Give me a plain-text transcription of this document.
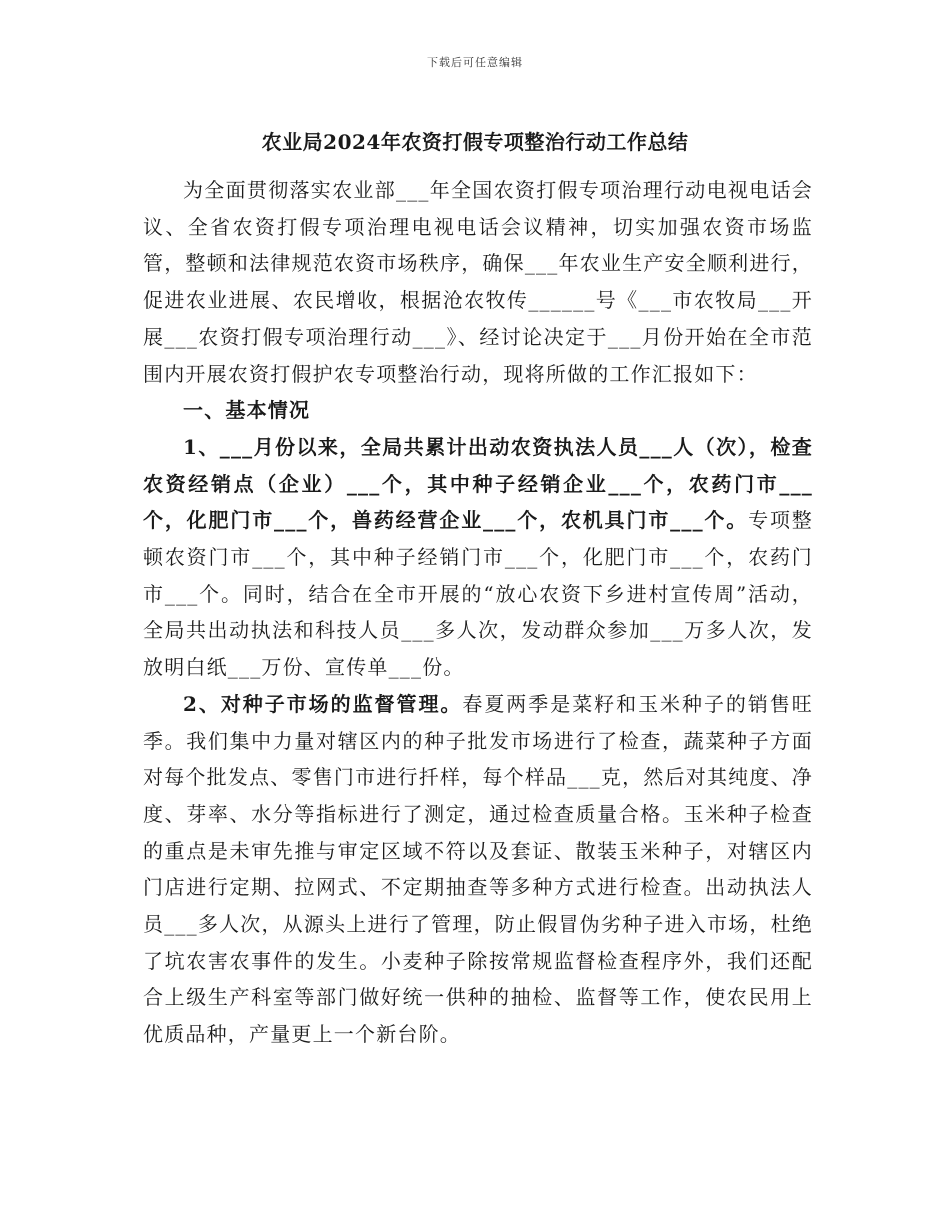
下载后可任意编辑
农业局2024年农资打假专项整治行动工作总结

为全面贯彻落实农业部___年全国农资打假专项治理行动电视电话会议、全省农资打假专项治理电视电话会议精神，切实加强农资市场监管，整顿和法律规范农资市场秩序，确保___年农业生产安全顺利进行，促进农业进展、农民增收，根据沧农牧传______号《___市农牧局___开展___农资打假专项治理行动___》、经讨论决定于___月份开始在全市范围内开展农资打假护农专项整治行动，现将所做的工作汇报如下：

一、基本情况

1、___月份以来，全局共累计出动农资执法人员___人（次），检查农资经销点（企业）___个，其中种子经销企业___个，农药门市___个，化肥门市___个，兽药经营企业___个，农机具门市___个。专项整顿农资门市___个，其中种子经销门市___个，化肥门市___个，农药门市___个。同时，结合在全市开展的“放心农资下乡进村宣传周”活动，全局共出动执法和科技人员___多人次，发动群众参加___万多人次，发放明白纸___万份、宣传单___份。

2、对种子市场的监督管理。春夏两季是菜籽和玉米种子的销售旺季。我们集中力量对辖区内的种子批发市场进行了检查，蔬菜种子方面对每个批发点、零售门市进行扦样，每个样品___克，然后对其纯度、净度、芽率、水分等指标进行了测定，通过检查质量合格。玉米种子检查的重点是未审先推与审定区域不符以及套证、散装玉米种子，对辖区内门店进行定期、拉网式、不定期抽查等多种方式进行检查。出动执法人员___多人次，从源头上进行了管理，防止假冒伪劣种子进入市场，杜绝了坑农害农事件的发生。小麦种子除按常规监督检查程序外，我们还配合上级生产科室等部门做好统一供种的抽检、监督等工作，使农民用上优质品种，产量更上一个新台阶。
